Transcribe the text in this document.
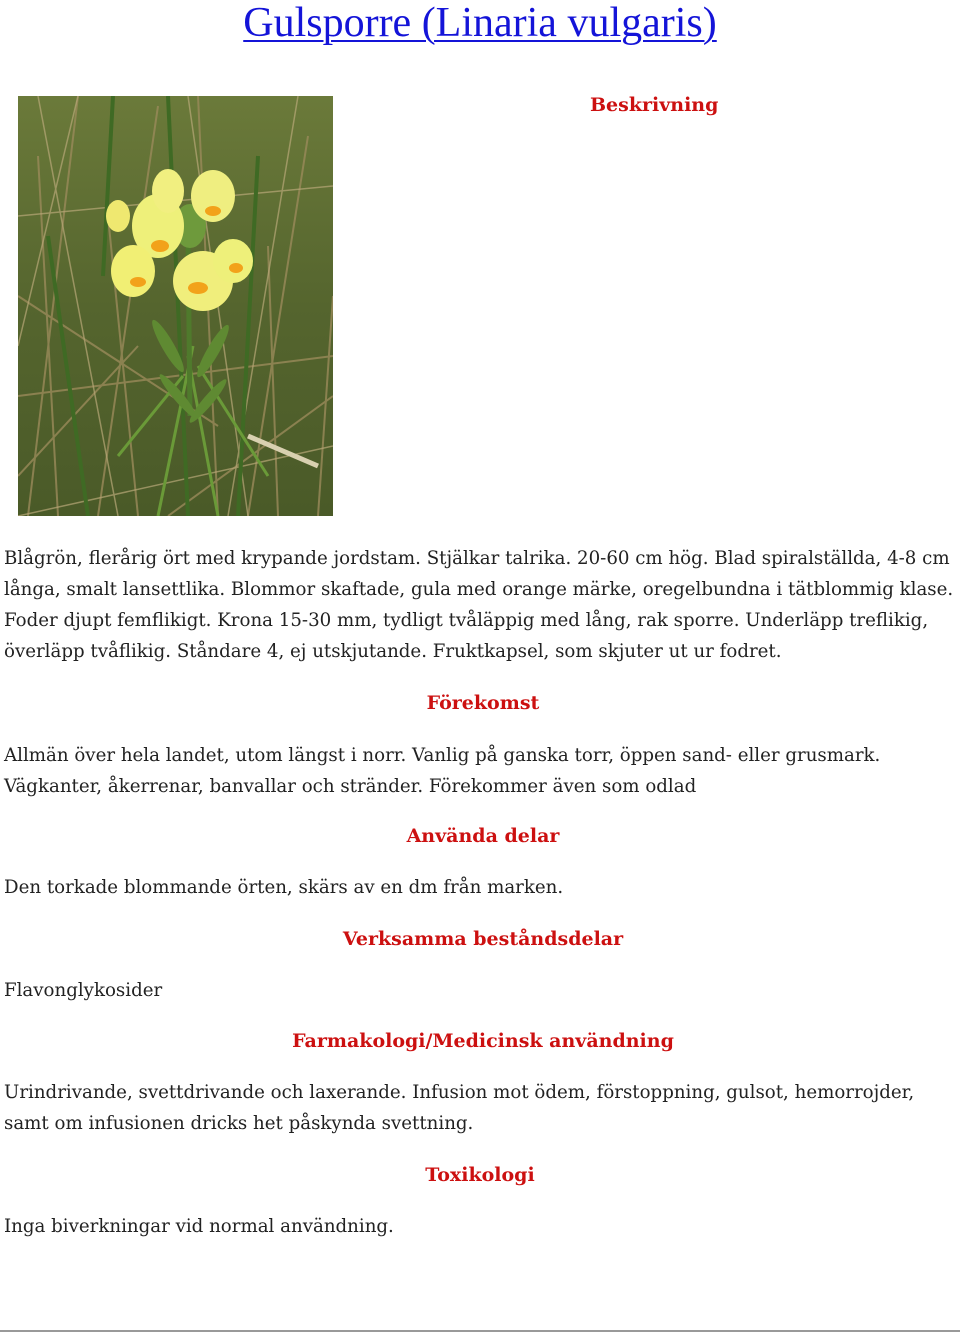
Gulsporre (Linaria vulgaris)
Beskrivning

Blågrön, flerårig ört med krypande jordstam. Stjälkar talrika. 20-60 cm hög. Blad spiralställda, 4-8 cm långa, smalt lansettlika. Blommor skaftade, gula med orange märke, oregelbundna i tätblommig klase. Foder djupt femflikigt. Krona 15-30 mm, tydligt tvåläppig med lång, rak sporre. Underläpp treflikig, överläpp tvåflikig. Ståndare 4, ej utskjutande. Fruktkapsel, som skjuter ut ur fodret.

Förekomst

Allmän över hela landet, utom längst i norr. Vanlig på ganska torr, öppen sand- eller grusmark. Vägkanter, åkerrenar, banvallar och stränder. Förekommer även som odlad

Använda delar

Den torkade blommande örten, skärs av en dm från marken.

Verksamma beståndsdelar

Flavonglykosider

Farmakologi/Medicinsk användning

Urindrivande, svettdrivande och laxerande. Infusion mot ödem, förstoppning, gulsot, hemorrojder, samt om infusionen dricks het påskynda svettning.

Toxikologi

Inga biverkningar vid normal användning.
